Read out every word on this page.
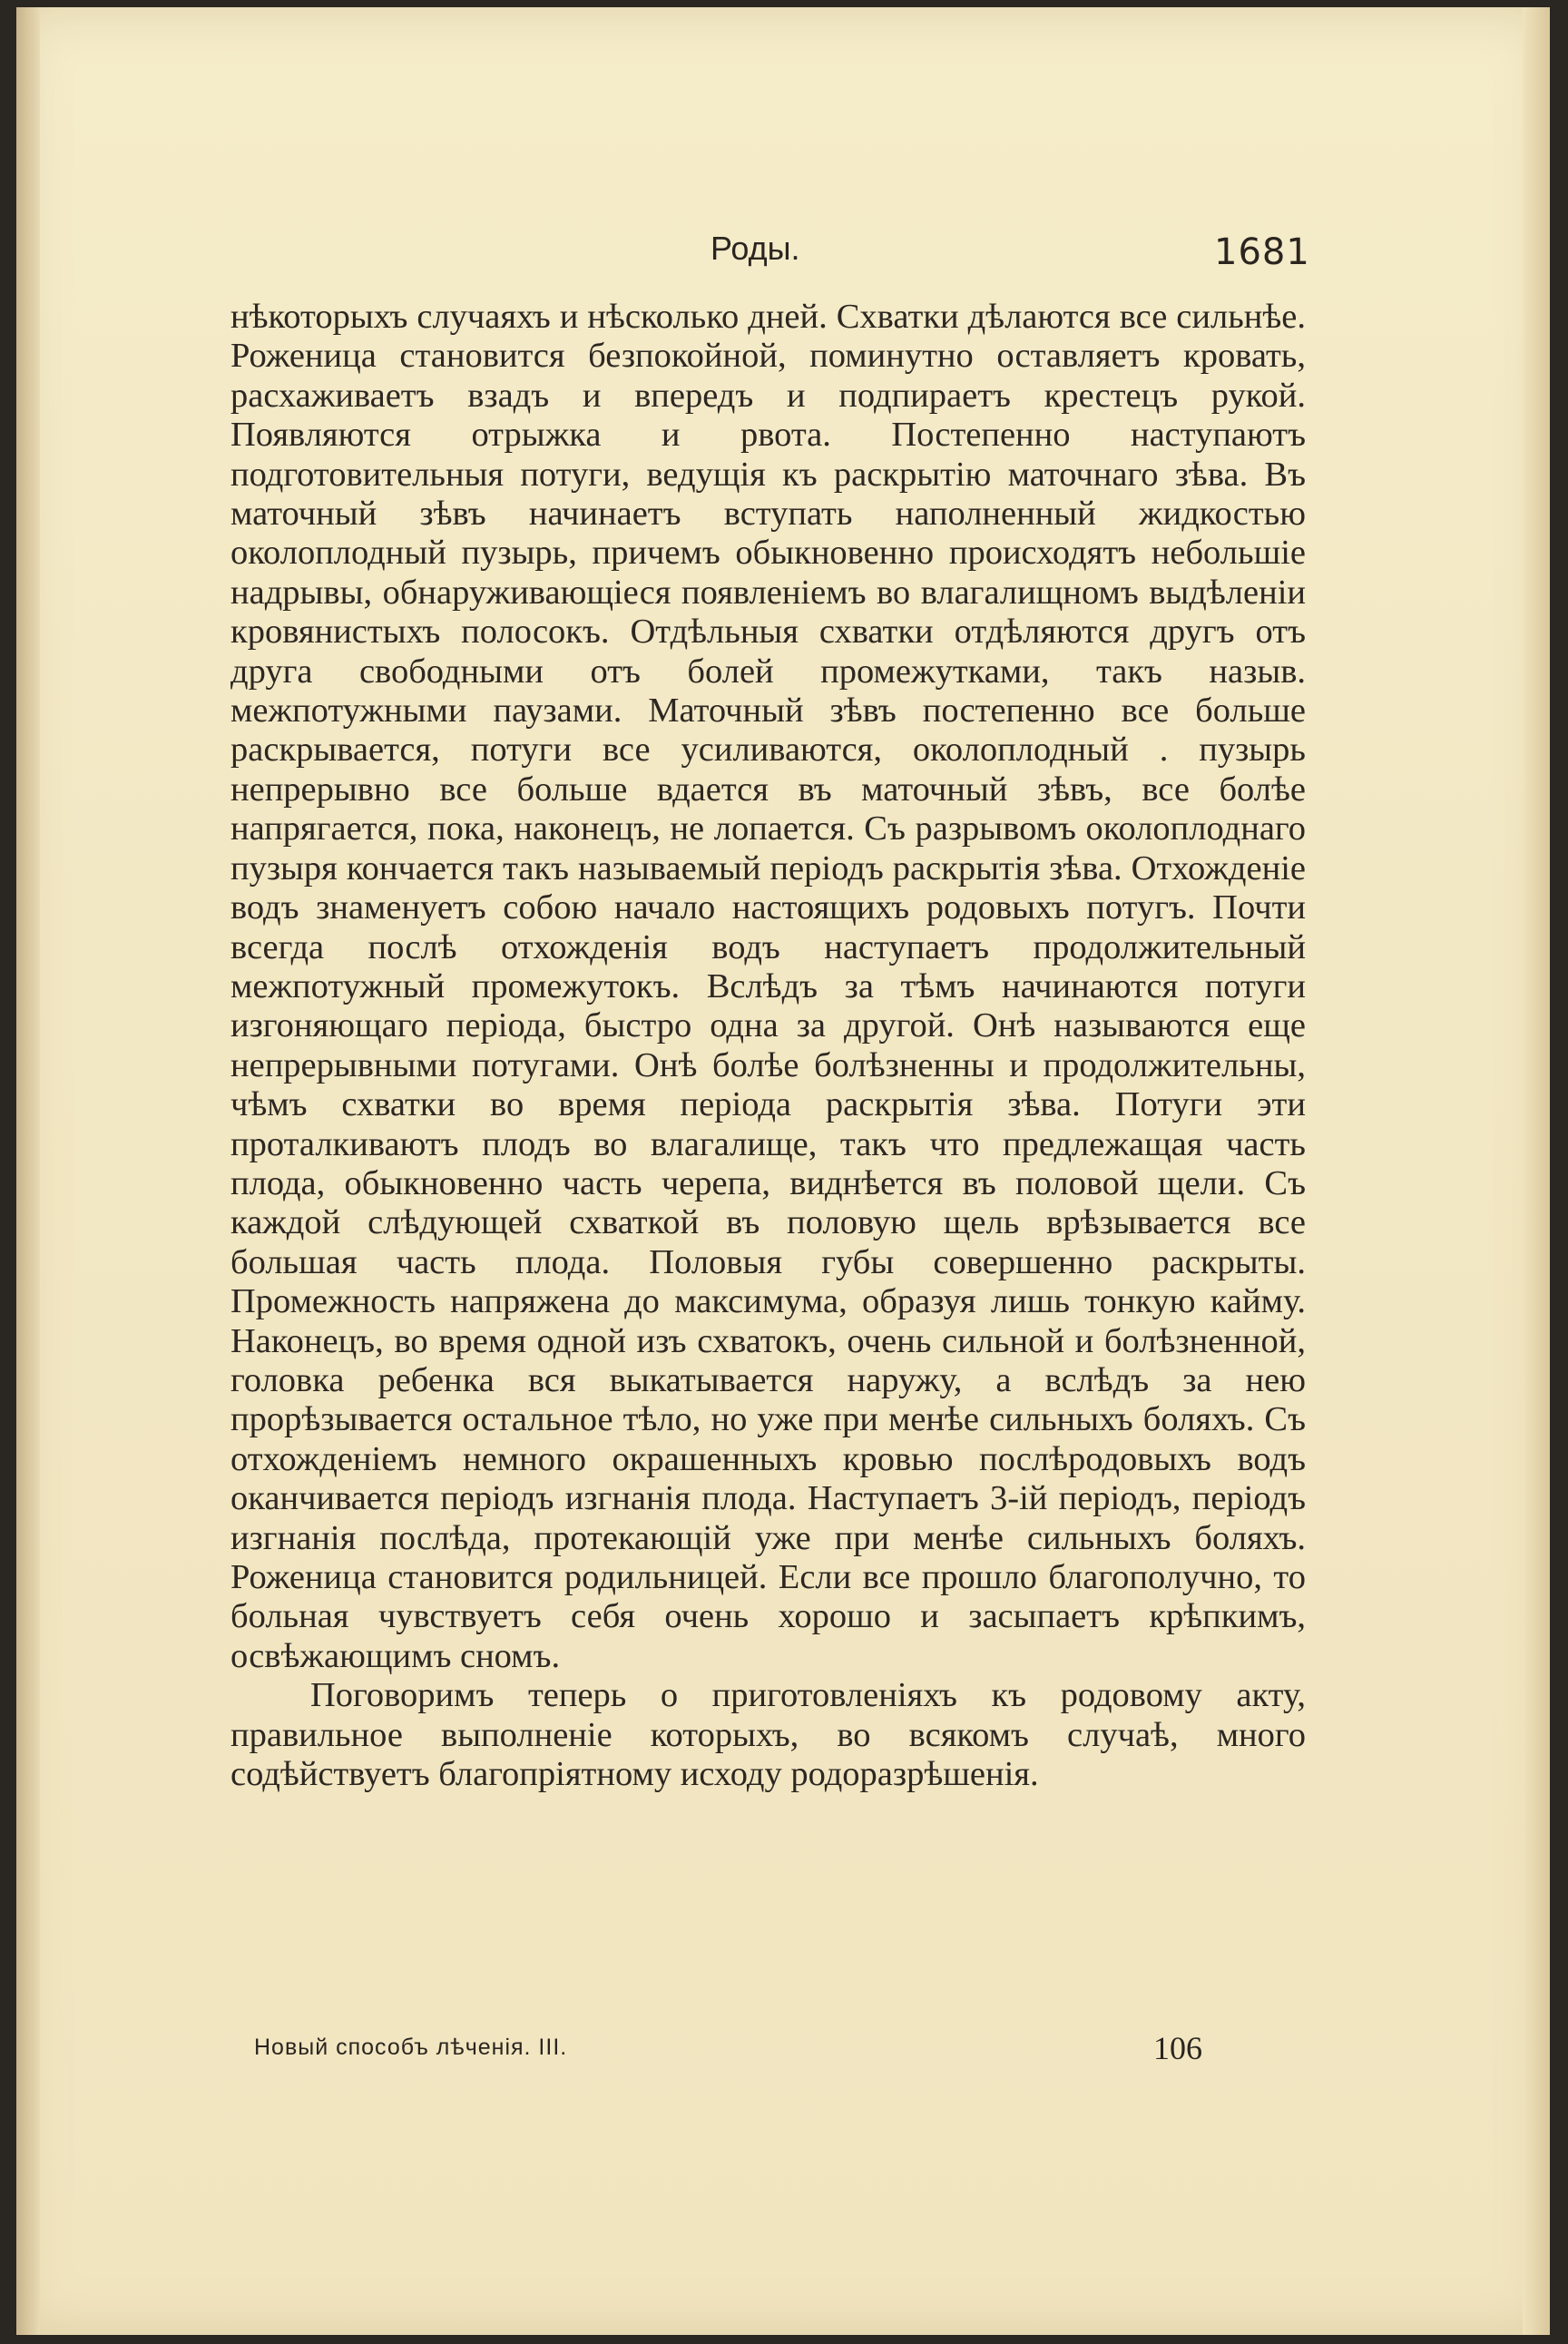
Роды.	1681

нѣкоторыхъ случаяхъ и нѣсколько дней. Схватки дѣлаются все сильнѣе. Роженица становится безпокойной, поминутно оставляетъ кровать, расхаживаетъ взадъ и впередъ и подпираетъ крестецъ рукой. Появляются отрыжка и рвота. Постепенно наступаютъ подготовительныя потуги, ведущія къ раскрытію маточнаго зѣва. Въ маточный зѣвъ начинаетъ вступать наполненный жидкостью околоплодный пузырь, причемъ обыкновенно происходятъ небольшіе надрывы, обнаруживающіеся появленіемъ во влагалищномъ выдѣленіи кровянистыхъ полосокъ. Отдѣльныя схватки отдѣляются другъ отъ друга свободными отъ болей промежутками, такъ назыв. межпотужными паузами. Маточный зѣвъ постепенно все больше раскрывается, потуги все усиливаются, околоплодный . пузырь непрерывно все больше вдается въ маточный зѣвъ, все болѣе напрягается, пока, наконецъ, не лопается. Съ разрывомъ околоплоднаго пузыря кончается такъ называемый періодъ раскрытія зѣва. Отхожденіе водъ знаменуетъ собою начало настоящихъ родовыхъ потугъ. Почти всегда послѣ отхожденія водъ наступаетъ продолжительный межпотужный промежутокъ. Вслѣдъ за тѣмъ начинаются потуги изгоняющаго періода, быстро одна за другой. Онѣ называются еще непрерывными потугами. Онѣ болѣе болѣзненны и продолжительны, чѣмъ схватки во время періода раскрытія зѣва. Потуги эти проталкиваютъ плодъ во влагалище, такъ что предлежащая часть плода, обыкновенно часть черепа, виднѣется въ половой щели. Съ каждой слѣдующей схваткой въ половую щель врѣзывается все большая часть плода. Половыя губы совершенно раскрыты. Промежность напряжена до максимума, образуя лишь тонкую кайму. Наконецъ, во время одной изъ схватокъ, очень сильной и болѣзненной, головка ребенка вся выкатывается наружу, а вслѣдъ за нею прорѣзывается остальное тѣло, но уже при менѣе сильныхъ боляхъ. Съ отхожденіемъ немного окрашенныхъ кровью послѣродовыхъ водъ оканчивается періодъ изгнанія плода. Наступаетъ 3-ій періодъ, періодъ изгнанія послѣда, протекающій уже при менѣе сильныхъ боляхъ. Роженица становится родильницей. Если все прошло благополучно, то больная чувствуетъ себя очень хорошо и засыпаетъ крѣпкимъ, освѣжающимъ сномъ.

Поговоримъ теперь о приготовленіяхъ къ родовому акту, правильное выполненіе которыхъ, во всякомъ случаѣ, много содѣйствуетъ благопріятному исходу родоразрѣшенія.

Новый способъ лѣченія. III.	106
